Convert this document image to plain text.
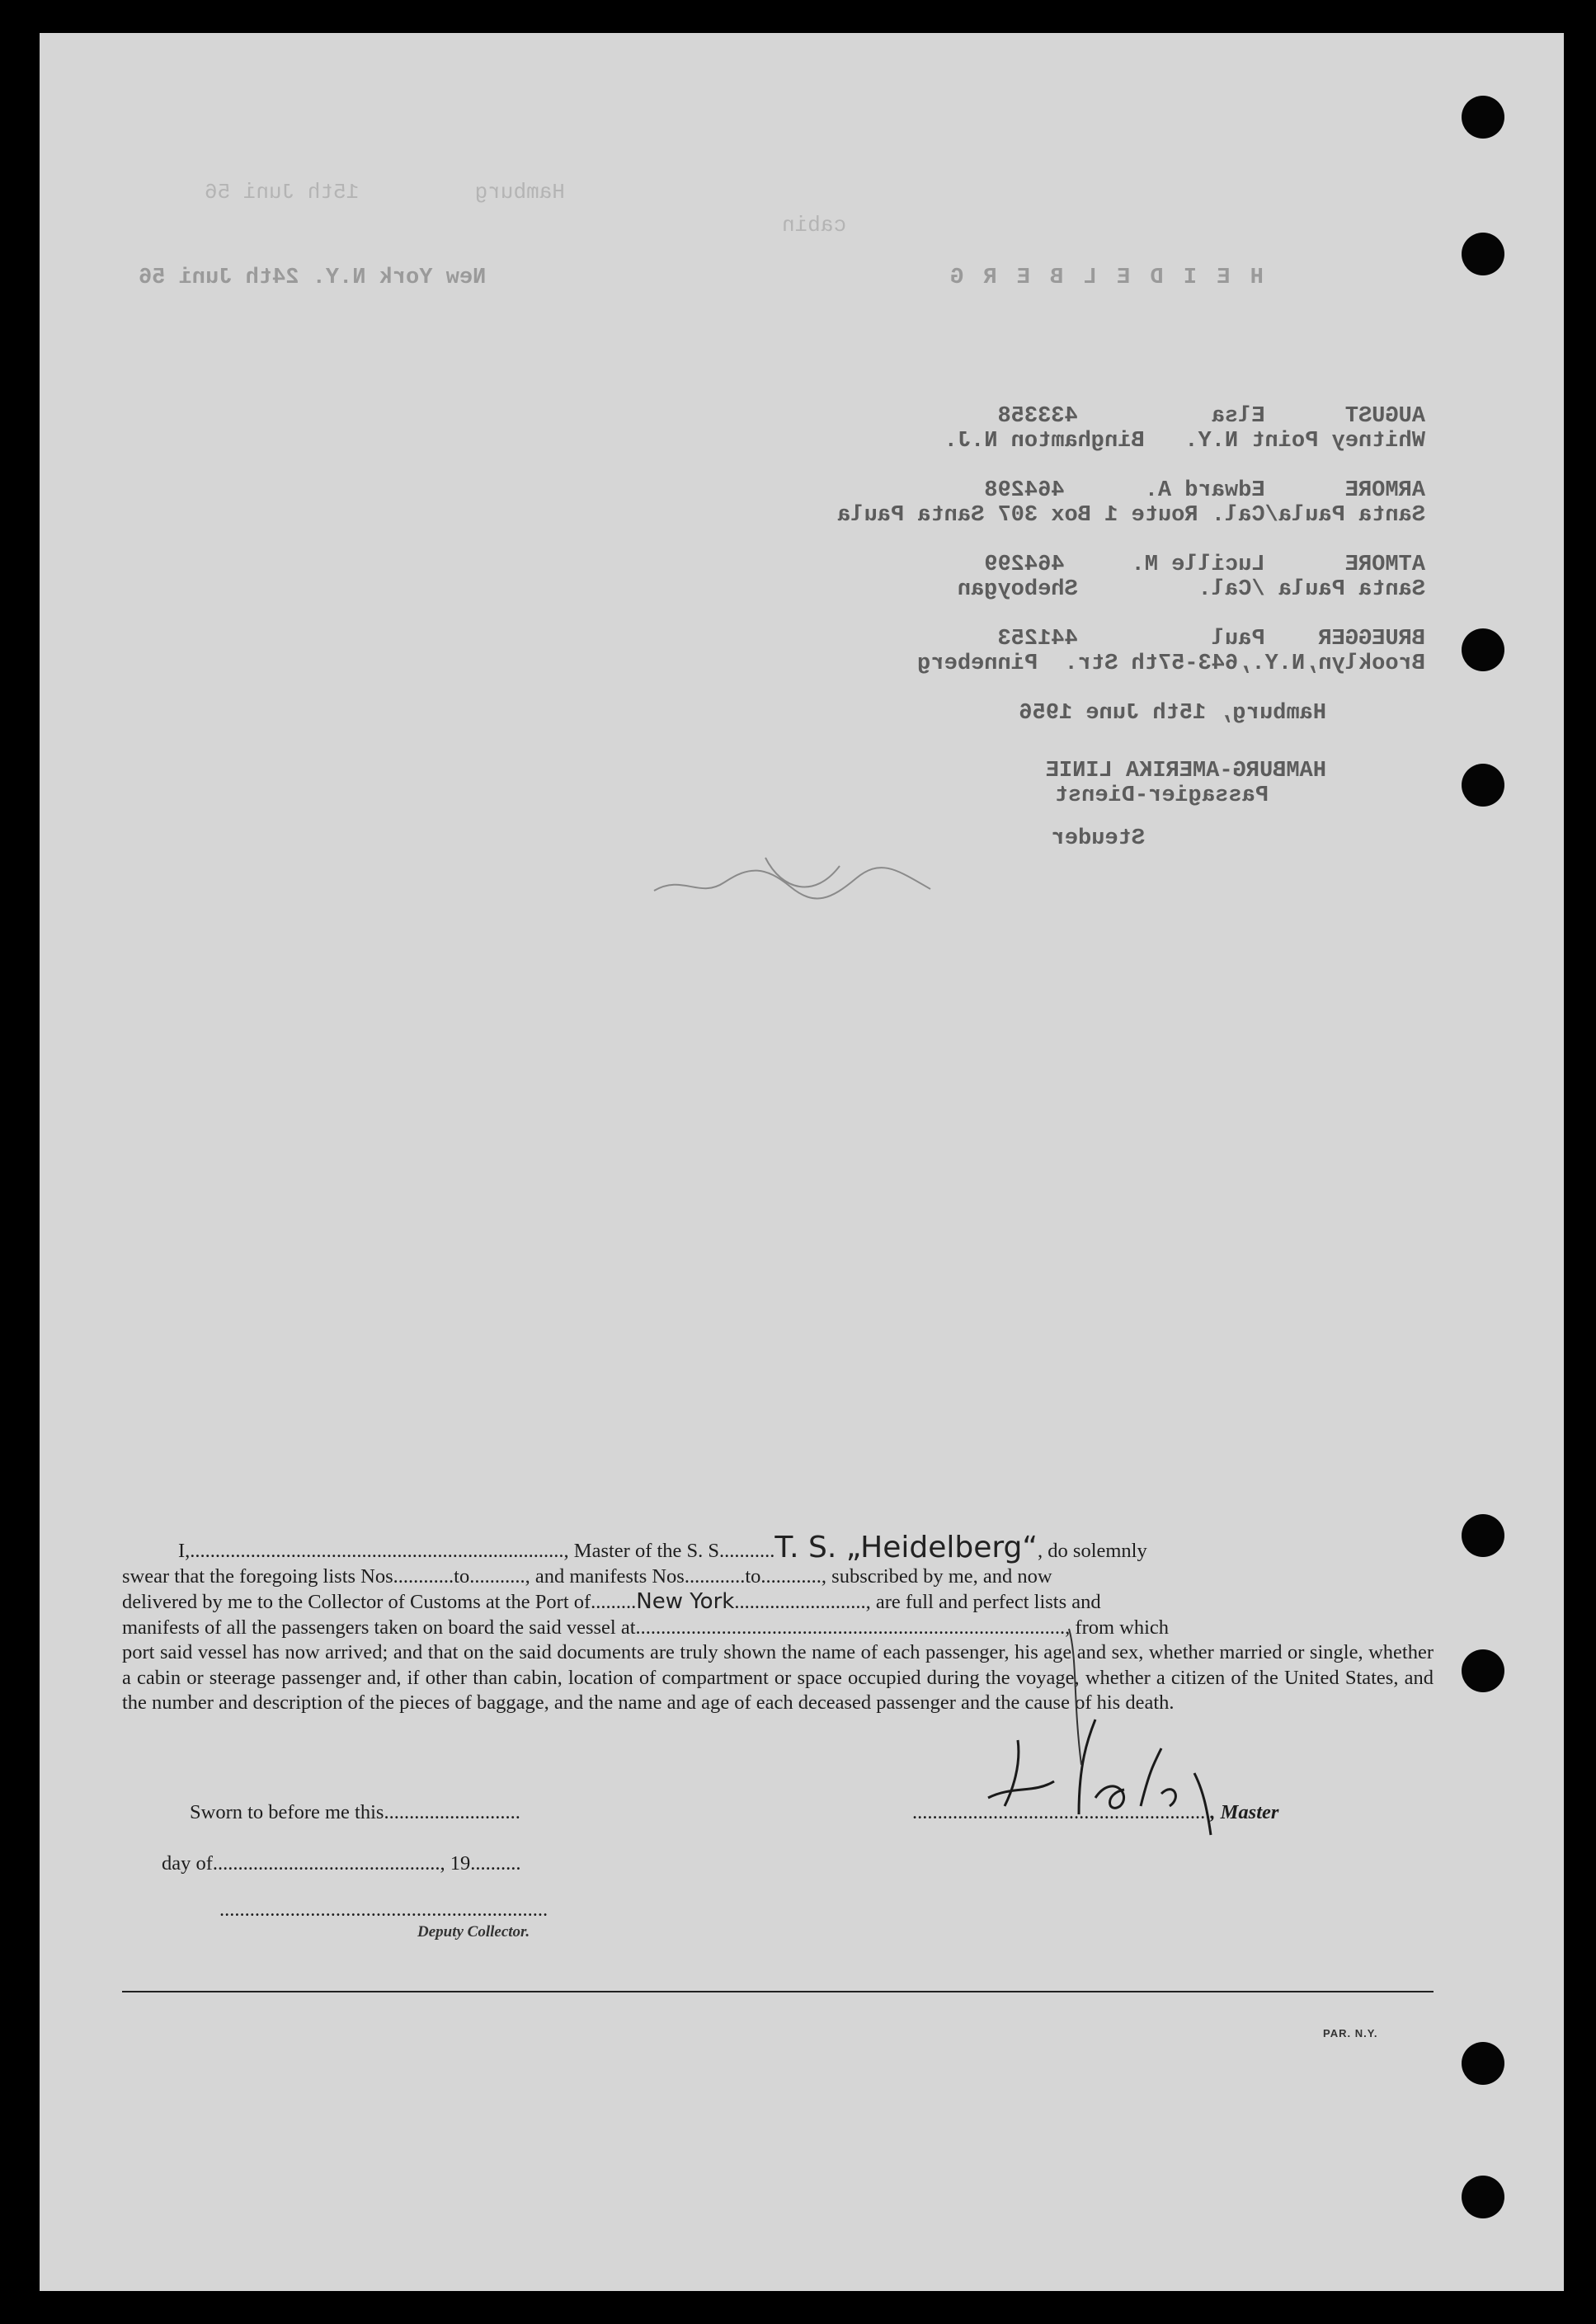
Hamburg         15th Juni 56
cabin
New York N.Y. 24th Juni 56	H E I D E L B E R G
AUGUST      Elsa          433358
Whitney Point N.Y.   Binghamton N.J.
ARMORE      Edward A.      464298
Santa Paula/Cal. Route 1 Box 307 Santa Paula
ATMORE      Lucille M.     464299
Santa Paula /Cal.         Sheboygan
BRUEGGER    Paul          441253
Brooklyn,N.Y.,643-57th Str.  Pinneberg
Hamburg, 15th June 1956
HAMBURG-AMERIKA LINIE
Passagier-Dienst
Steuder

I,.........................................................................., Master of the S. S...........T. S. „Heidelberg“, do solemnly

swear that the foregoing lists Nos............to..........., and manifests Nos............to............, subscribed by me, and now

delivered by me to the Collector of Customs at the Port of.........New York.........................., are full and perfect lists and

manifests of all the passengers taken on board the said vessel at....................................................................................., from which

port said vessel has now arrived; and that on the said documents are truly shown the name of each passenger, his age and sex, whether married or single, whether a cabin or steerage passenger and, if other than cabin, location of compartment or space occupied during the voyage, whether a citizen of the United States, and the number and description of the pieces of baggage, and the name and age of each deceased passenger and the cause of his death.

Sworn to before me this...........................	..........................................................., Master
day of............................................., 19..........
.................................................................
Deputy Collector.
PAR. N.Y.
